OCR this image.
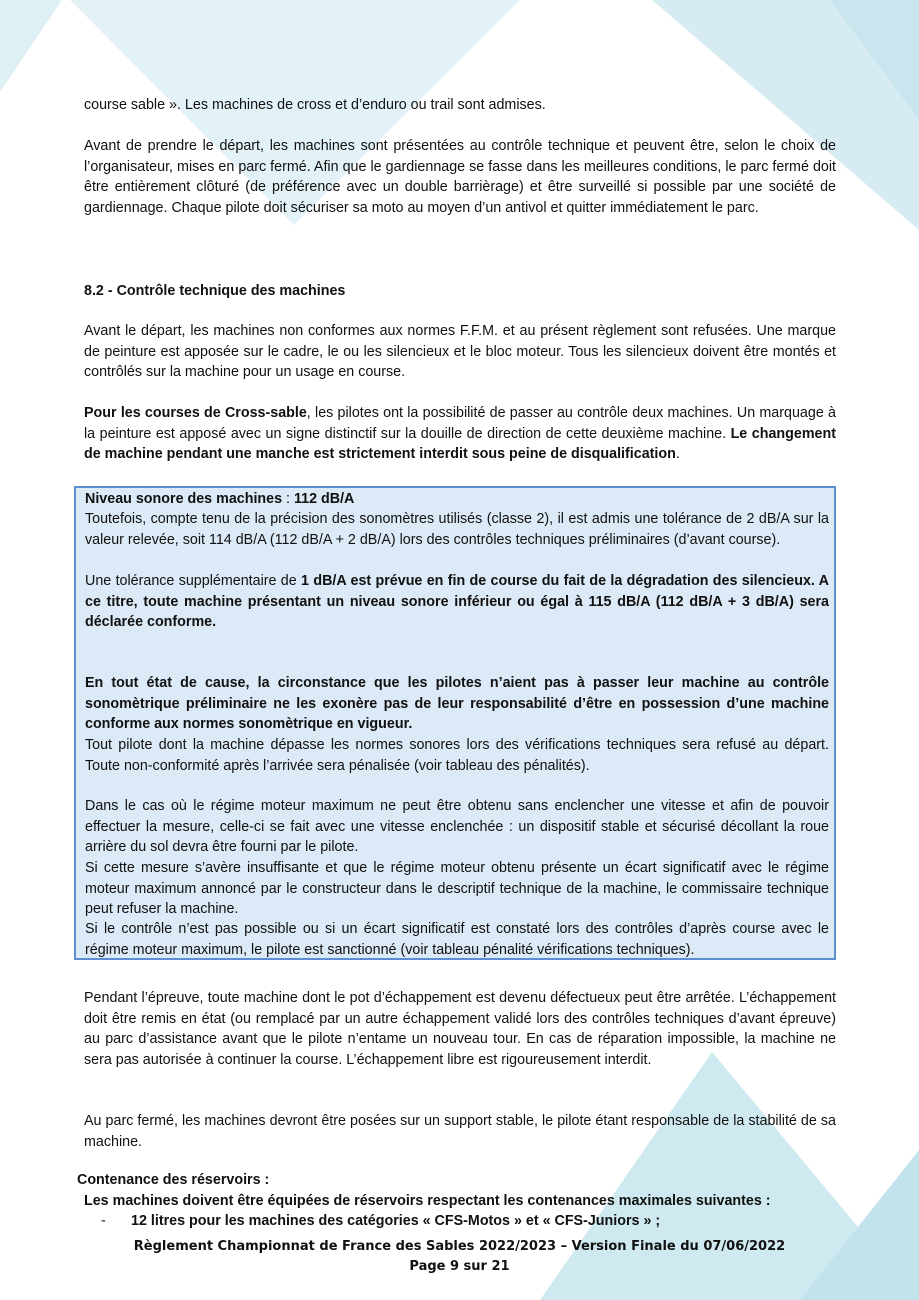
course sable ». Les machines de cross et d’enduro ou trail sont admises.

Avant de prendre le départ, les machines sont présentées au contrôle technique et peuvent être, selon le choix de l’organisateur, mises en parc fermé. Afin que le gardiennage se fasse dans les meilleures conditions, le parc fermé doit être entièrement clôturé (de préférence avec un double barrièrage) et être surveillé si possible par une société de gardiennage. Chaque pilote doit sécuriser sa moto au moyen d’un antivol et quitter immédiatement le parc.

8.2 - Contrôle technique des machines

Avant le départ, les machines non conformes aux normes F.F.M. et au présent règlement sont refusées. Une marque de peinture est apposée sur le cadre, le ou les silencieux et le bloc moteur. Tous les silencieux doivent être montés et contrôlés sur la machine pour un usage en course.

Pour les courses de Cross-sable, les pilotes ont la possibilité de passer au contrôle deux machines. Un marquage à la peinture est apposé avec un signe distinctif sur la douille de direction de cette deuxième machine. Le changement de machine pendant une manche est strictement interdit sous peine de disqualification.

Niveau sonore des machines : 112 dB/A

Toutefois, compte tenu de la précision des sonomètres utilisés (classe 2), il est admis une tolérance de 2 dB/A sur la valeur relevée, soit 114 dB/A (112 dB/A + 2 dB/A) lors des contrôles techniques préliminaires (d’avant course).

Une tolérance supplémentaire de 1 dB/A est prévue en fin de course du fait de la dégradation des silencieux. A ce titre, toute machine présentant un niveau sonore inférieur ou égal à 115 dB/A (112 dB/A + 3 dB/A) sera déclarée conforme.

En tout état de cause, la circonstance que les pilotes n’aient pas à passer leur machine au contrôle sonomètrique préliminaire ne les exonère pas de leur responsabilité d’être en possession d’une machine conforme aux normes sonomètrique en vigueur.

Tout pilote dont la machine dépasse les normes sonores lors des vérifications techniques sera refusé au départ. Toute non-conformité après l’arrivée sera pénalisée (voir tableau des pénalités).

Dans le cas où le régime moteur maximum ne peut être obtenu sans enclencher une vitesse et afin de pouvoir effectuer la mesure, celle-ci se fait avec une vitesse enclenchée : un dispositif stable et sécurisé décollant la roue arrière du sol devra être fourni par le pilote.

Si cette mesure s’avère insuffisante et que le régime moteur obtenu présente un écart significatif avec le régime moteur maximum annoncé par le constructeur dans le descriptif technique de la machine, le commissaire technique peut refuser la machine.

Si le contrôle n’est pas possible ou si un écart significatif est constaté lors des contrôles d’après course avec le régime moteur maximum, le pilote est sanctionné (voir tableau pénalité vérifications techniques).

Pendant l’épreuve, toute machine dont le pot d’échappement est devenu défectueux peut être arrêtée. L’échappement doit être remis en état (ou remplacé par un autre échappement validé lors des contrôles techniques d’avant épreuve) au parc d’assistance avant que le pilote n’entame un nouveau tour. En cas de réparation impossible, la machine ne sera pas autorisée à continuer la course. L’échappement libre est rigoureusement interdit.

Au parc fermé, les machines devront être posées sur un support stable, le pilote étant responsable de la stabilité de sa machine.

Contenance des réservoirs :

Les machines doivent être équipées de réservoirs respectant les contenances maximales suivantes :

- 12 litres pour les machines des catégories « CFS-Motos » et « CFS-Juniors » ;

Règlement Championnat de France des Sables 2022/2023 – Version Finale du 07/06/2022

Page 9 sur 21
